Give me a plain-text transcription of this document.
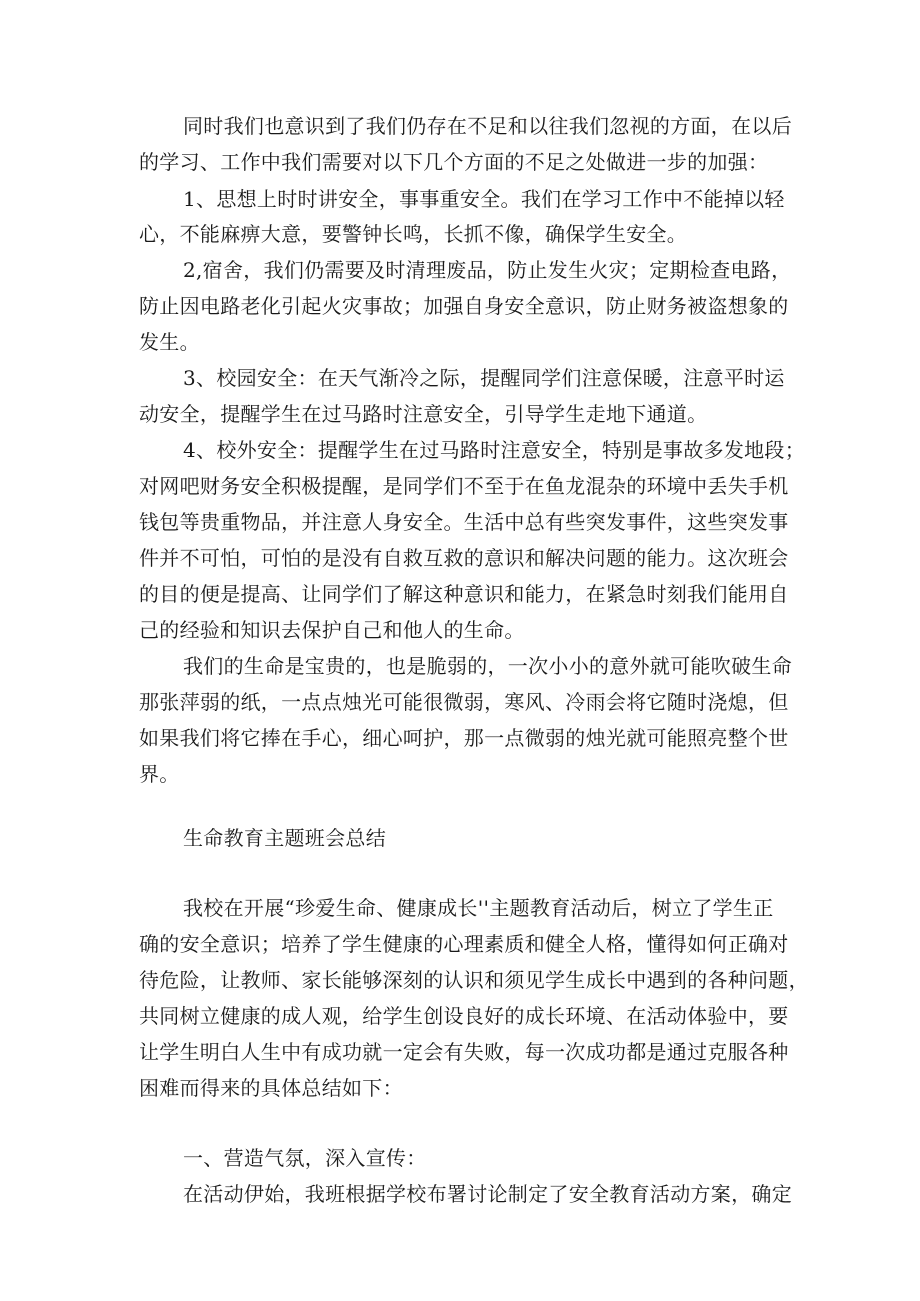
同时我们也意识到了我们仍存在不足和以往我们忽视的方面，在以后
的学习、工作中我们需要对以下几个方面的不足之处做进一步的加强：
1、思想上时时讲安全，事事重安全。我们在学习工作中不能掉以轻
心，不能麻痹大意，要警钟长鸣，长抓不像，确保学生安全。
2,宿舍，我们仍需要及时清理废品，防止发生火灾；定期检查电路，
防止因电路老化引起火灾事故；加强自身安全意识，防止财务被盗想象的
发生。
3、校园安全：在天气渐冷之际，提醒同学们注意保暖，注意平时运
动安全，提醒学生在过马路时注意安全，引导学生走地下通道。
4、校外安全：提醒学生在过马路时注意安全，特别是事故多发地段；
对网吧财务安全积极提醒，是同学们不至于在鱼龙混杂的环境中丢失手机
钱包等贵重物品，并注意人身安全。生活中总有些突发事件，这些突发事
件并不可怕，可怕的是没有自救互救的意识和解决问题的能力。这次班会
的目的便是提高、让同学们了解这种意识和能力，在紧急时刻我们能用自
己的经验和知识去保护自己和他人的生命。
我们的生命是宝贵的，也是脆弱的，一次小小的意外就可能吹破生命
那张萍弱的纸，一点点烛光可能很微弱，寒风、冷雨会将它随时浇熄，但
如果我们将它捧在手心，细心呵护，那一点微弱的烛光就可能照亮整个世
界。
生命教育主题班会总结
我校在开展“珍爱生命、健康成长''主题教育活动后，树立了学生正
确的安全意识；培养了学生健康的心理素质和健全人格，懂得如何正确对
待危险，让教师、家长能够深刻的认识和须见学生成长中遇到的各种问题，
共同树立健康的成人观，给学生创设良好的成长环境、在活动体验中，要
让学生明白人生中有成功就一定会有失败，每一次成功都是通过克服各种
困难而得来的具体总结如下：
一、营造气氛，深入宣传：
在活动伊始，我班根据学校布署讨论制定了安全教育活动方案，确定
